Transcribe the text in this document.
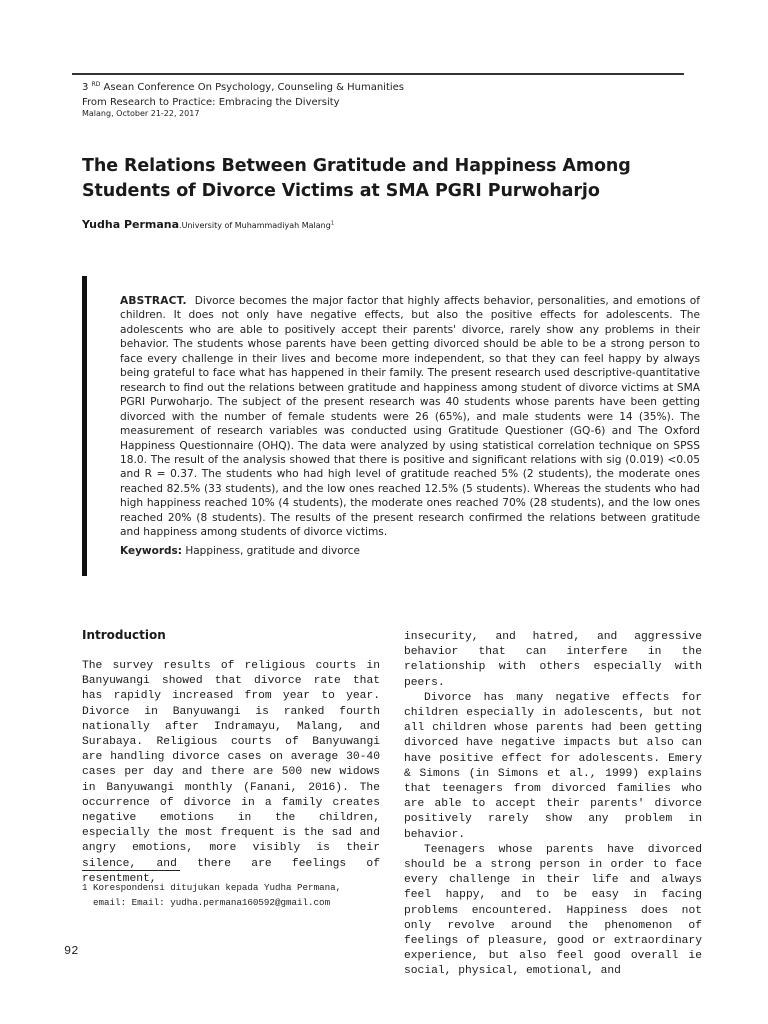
3 $^{RD}$ Asean Conference On Psychology, Counseling & Humanities
From Research to Practice: Embracing the Diversity
Malang, October 21-22, 2017
The Relations Between Gratitude and Happiness Among Students of Divorce Victims at SMA PGRI Purwoharjo
Yudha Permana.University of Muhammadiyah Malang$^1$
ABSTRACT. Divorce becomes the major factor that highly affects behavior, personalities, and emotions of children. It does not only have negative effects, but also the positive effects for adolescents. The adolescents who are able to positively accept their parents' divorce, rarely show any problems in their behavior. The students whose parents have been getting divorced should be able to be a strong person to face every challenge in their lives and become more independent, so that they can feel happy by always being grateful to face what has happened in their family. The present research used descriptive-quantitative research to find out the relations between gratitude and happiness among student of divorce victims at SMA PGRI Purwoharjo. The subject of the present research was 40 students whose parents have been getting divorced with the number of female students were 26 (65%), and male students were 14 (35%). The measurement of research variables was conducted using Gratitude Questioner (GQ-6) and The Oxford Happiness Questionnaire (OHQ). The data were analyzed by using statistical correlation technique on SPSS 18.0. The result of the analysis showed that there is positive and significant relations with sig (0.019) <0.05 and R = 0.37. The students who had high level of gratitude reached 5% (2 students), the moderate ones reached 82.5% (33 students), and the low ones reached 12.5% (5 students). Whereas the students who had high happiness reached 10% (4 students), the moderate ones reached 70% (28 students), and the low ones reached 20% (8 students). The results of the present research confirmed the relations between gratitude and happiness among students of divorce victims.
Keywords: Happiness, gratitude and divorce
Introduction

The survey results of religious courts in Banyuwangi showed that divorce rate that has rapidly increased from year to year. Divorce in Banyuwangi is ranked fourth nationally after Indramayu, Malang, and Surabaya. Religious courts of Banyuwangi are handling divorce cases on average 30-40 cases per day and there are 500 new widows in Banyuwangi monthly (Fanani, 2016). The occurrence of divorce in a family creates negative emotions in the children, especially the most frequent is the sad and angry emotions, more visibly is their silence, and there are feelings of resentment,

insecurity, and hatred, and aggressive behavior that can interfere in the relationship with others especially with peers.

Divorce has many negative effects for children especially in adolescents, but not all children whose parents had been getting divorced have negative impacts but also can have positive effect for adolescents. Emery & Simons (in Simons et al., 1999) explains that teenagers from divorced families who are able to accept their parents' divorce positively rarely show any problem in behavior.

Teenagers whose parents have divorced should be a strong person in order to face every challenge in their life and always feel happy, and to be easy in facing problems encountered. Happiness does not only revolve around the phenomenon of feelings of pleasure, good or extraordinary experience, but also feel good overall ie social, physical, emotional, and

1 Korespondensi ditujukan kepada Yudha Permana,
email: Email: yudha.permana160592@gmail.com
92
